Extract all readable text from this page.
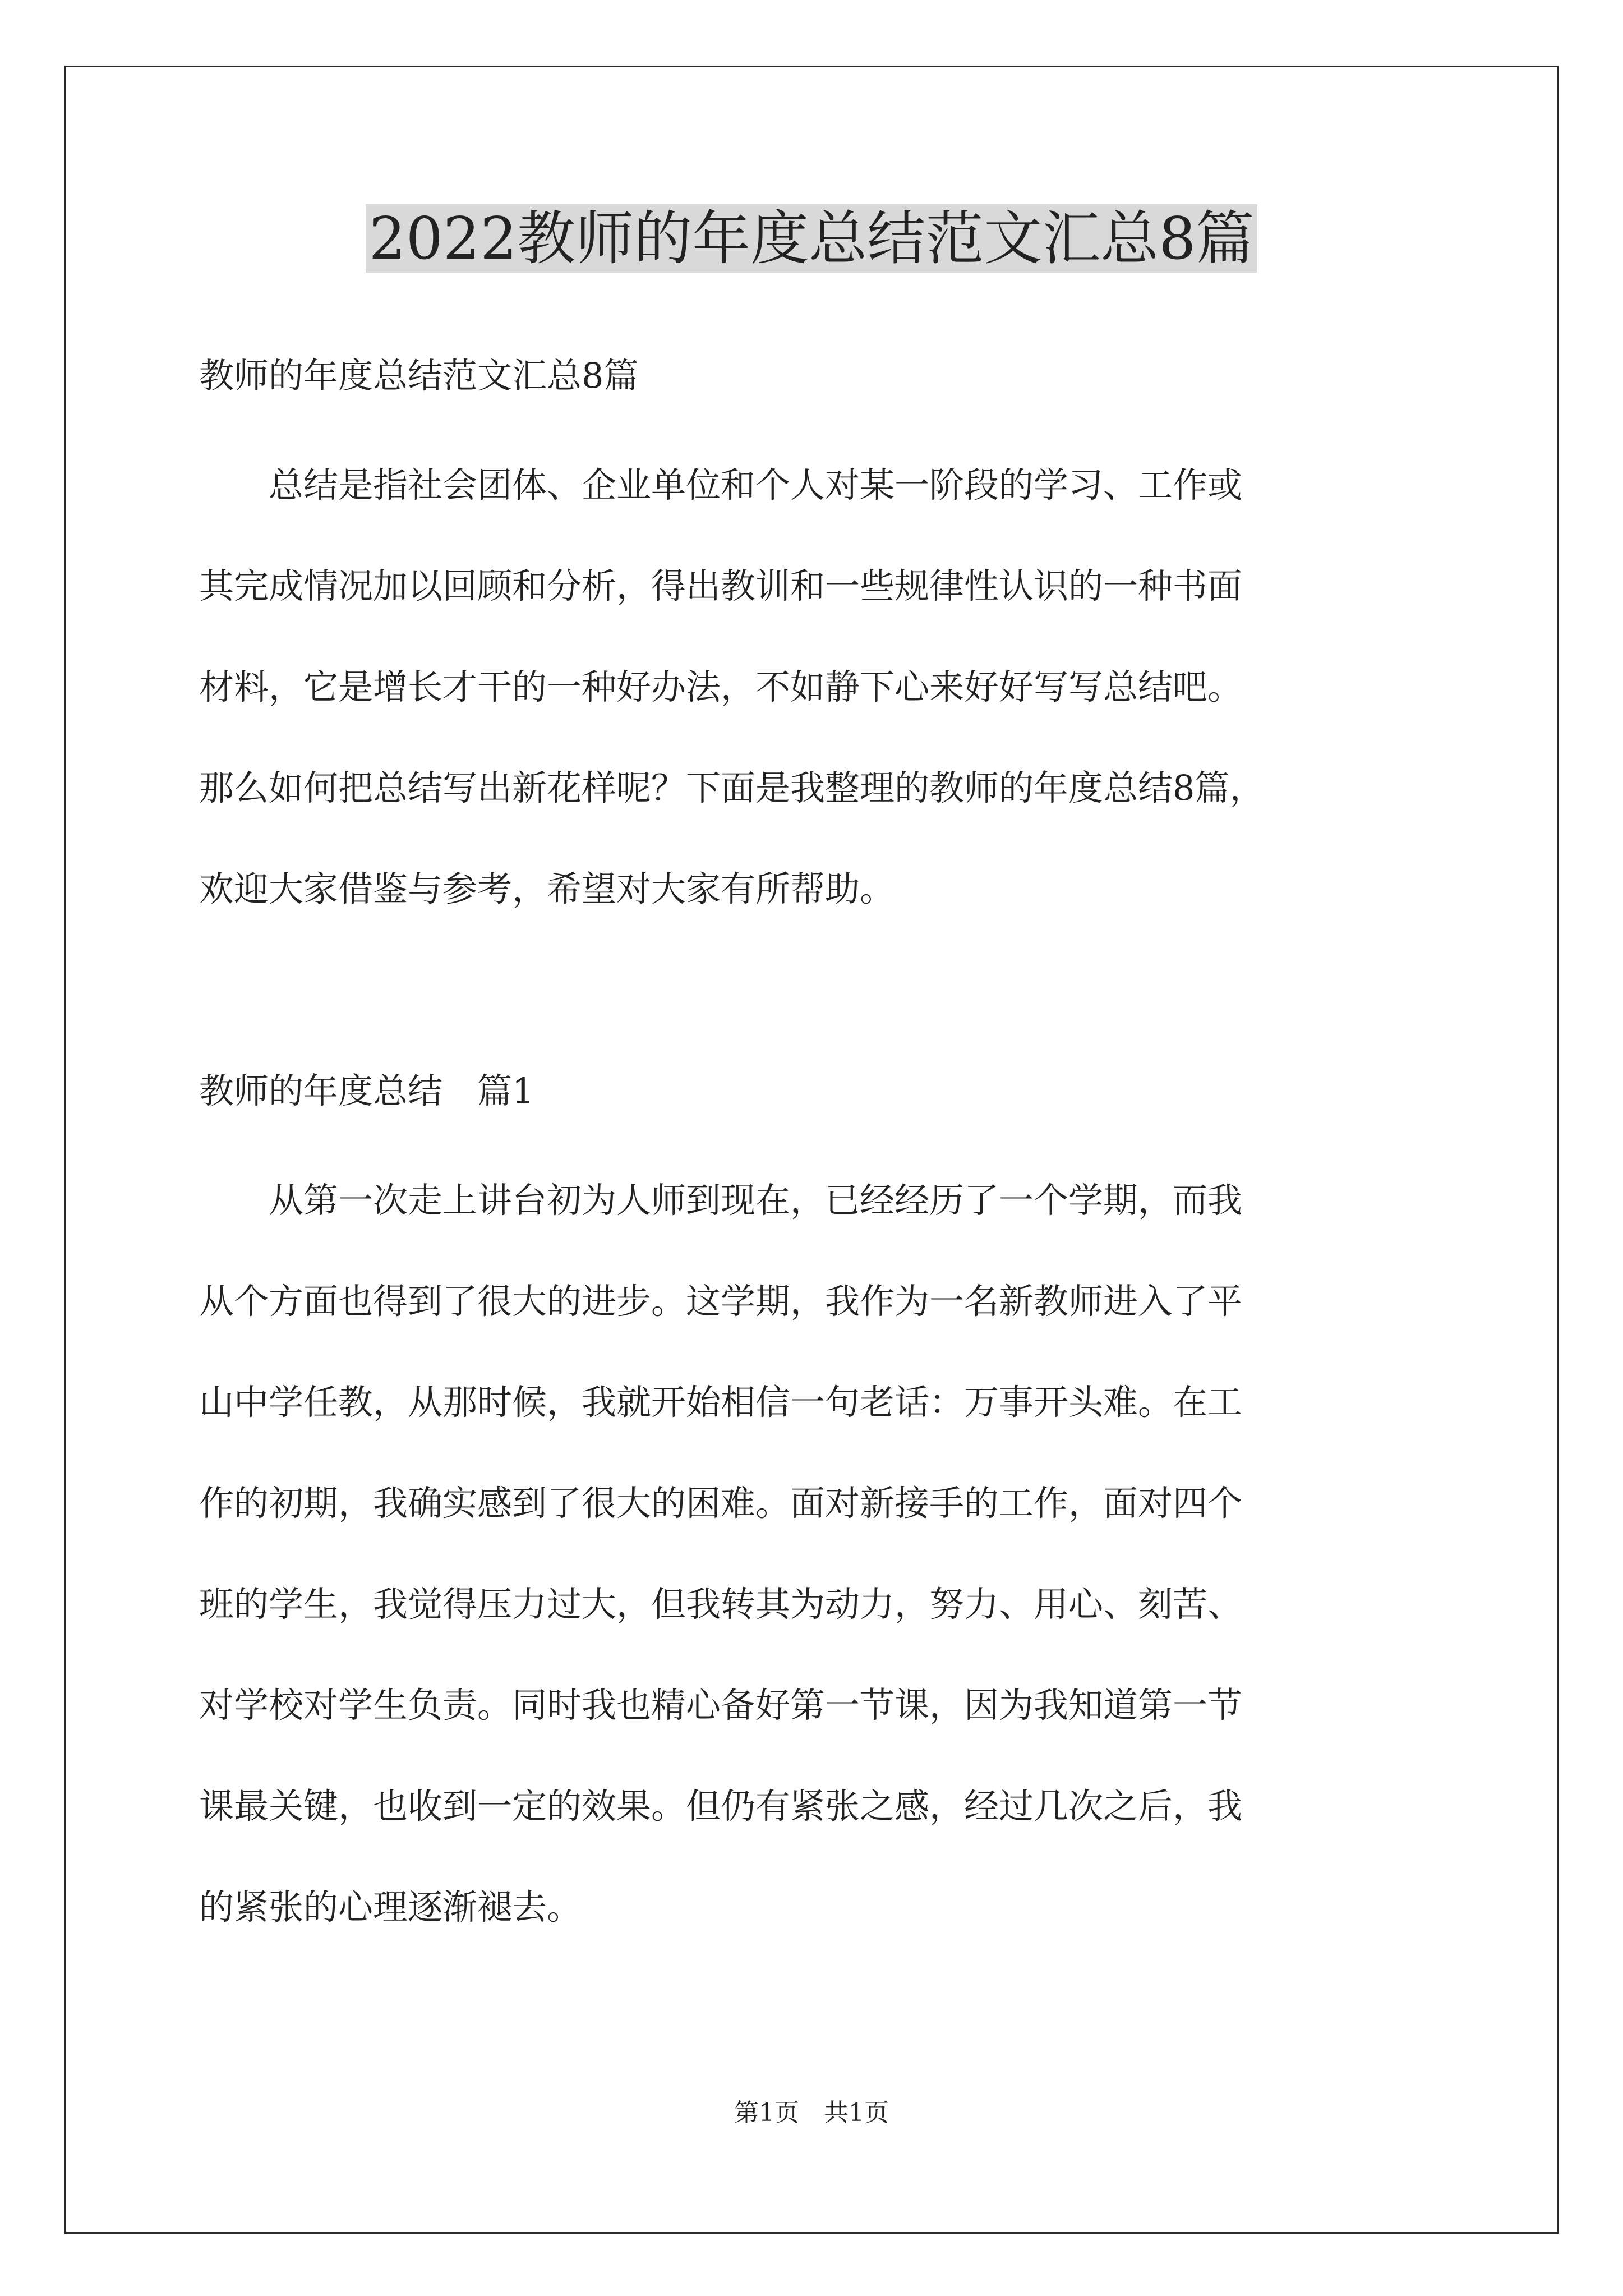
2022教师的年度总结范文汇总8篇
教师的年度总结范文汇总8篇
　　总结是指社会团体、企业单位和个人对某一阶段的学习、工作或
其完成情况加以回顾和分析，得出教训和一些规律性认识的一种书面
材料，它是增长才干的一种好办法，不如静下心来好好写写总结吧。
那么如何把总结写出新花样呢？下面是我整理的教师的年度总结8篇，
欢迎大家借鉴与参考，希望对大家有所帮助。
教师的年度总结　篇1
　　从第一次走上讲台初为人师到现在，已经经历了一个学期，而我
从个方面也得到了很大的进步。这学期，我作为一名新教师进入了平
山中学任教，从那时候，我就开始相信一句老话：万事开头难。在工
作的初期，我确实感到了很大的困难。面对新接手的工作，面对四个
班的学生，我觉得压力过大，但我转其为动力，努力、用心、刻苦、
对学校对学生负责。同时我也精心备好第一节课，因为我知道第一节
课最关键，也收到一定的效果。但仍有紧张之感，经过几次之后，我
的紧张的心理逐渐褪去。
第1页　共1页
